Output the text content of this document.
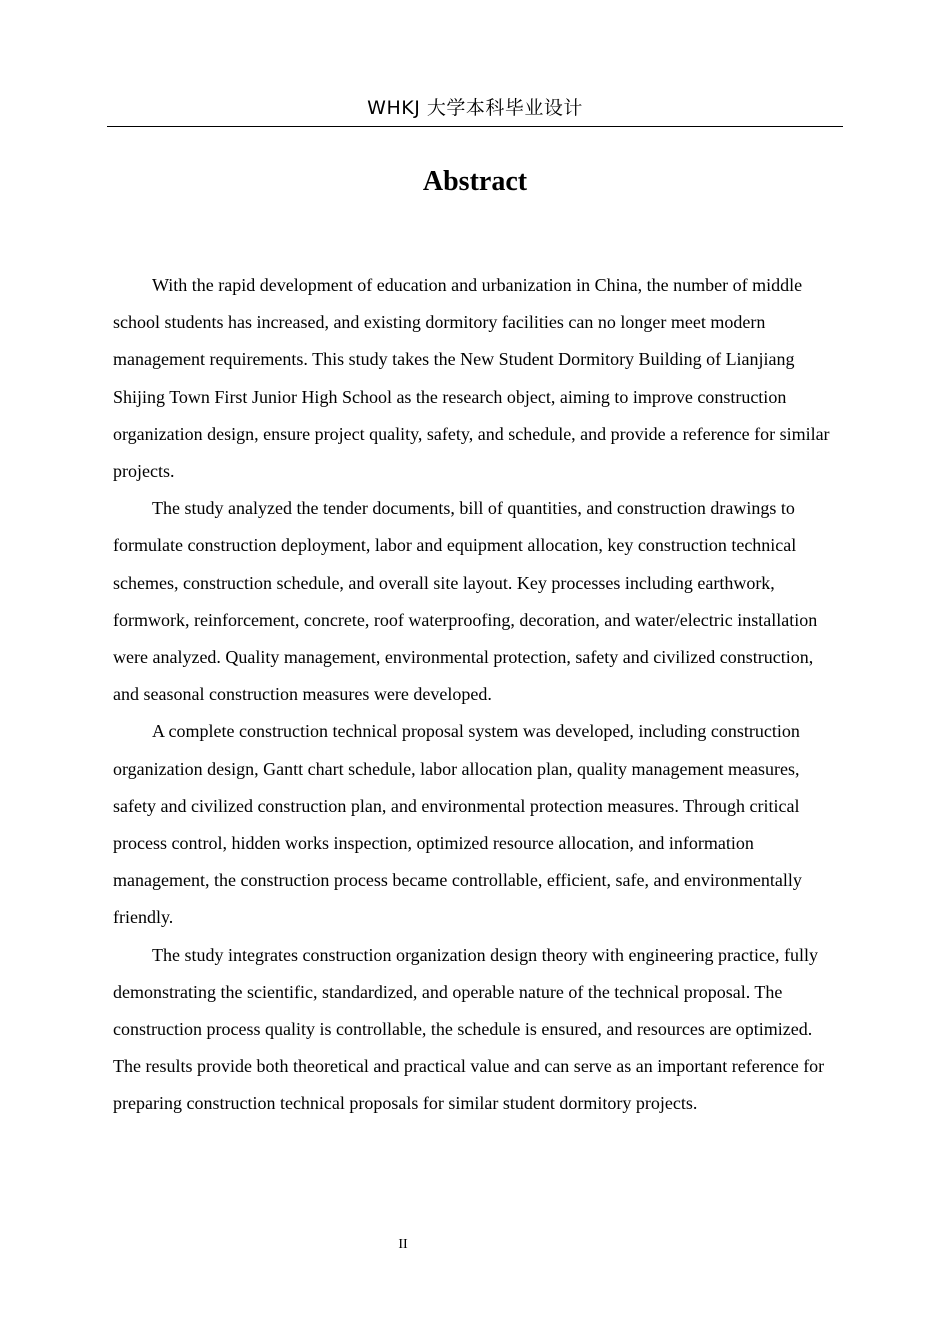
WHKJ 大学本科毕业设计
Abstract

With the rapid development of education and urbanization in China, the number of middle school students has increased, and existing dormitory facilities can no longer meet modern management requirements. This study takes the New Student Dormitory Building of Lianjiang Shijing Town First Junior High School as the research object, aiming to improve construction organization design, ensure project quality, safety, and schedule, and provide a reference for similar projects.

The study analyzed the tender documents, bill of quantities, and construction drawings to formulate construction deployment, labor and equipment allocation, key construction technical schemes, construction schedule, and overall site layout. Key processes including earthwork, formwork, reinforcement, concrete, roof waterproofing, decoration, and water/electric installation were analyzed. Quality management, environmental protection, safety and civilized construction, and seasonal construction measures were developed.

A complete construction technical proposal system was developed, including construction organization design, Gantt chart schedule, labor allocation plan, quality management measures, safety and civilized construction plan, and environmental protection measures. Through critical process control, hidden works inspection, optimized resource allocation, and information management, the construction process became controllable, efficient, safe, and environmentally friendly.

The study integrates construction organization design theory with engineering practice, fully demonstrating the scientific, standardized, and operable nature of the technical proposal. The construction process quality is controllable, the schedule is ensured, and resources are optimized. The results provide both theoretical and practical value and can serve as an important reference for preparing construction technical proposals for similar student dormitory projects.

II
